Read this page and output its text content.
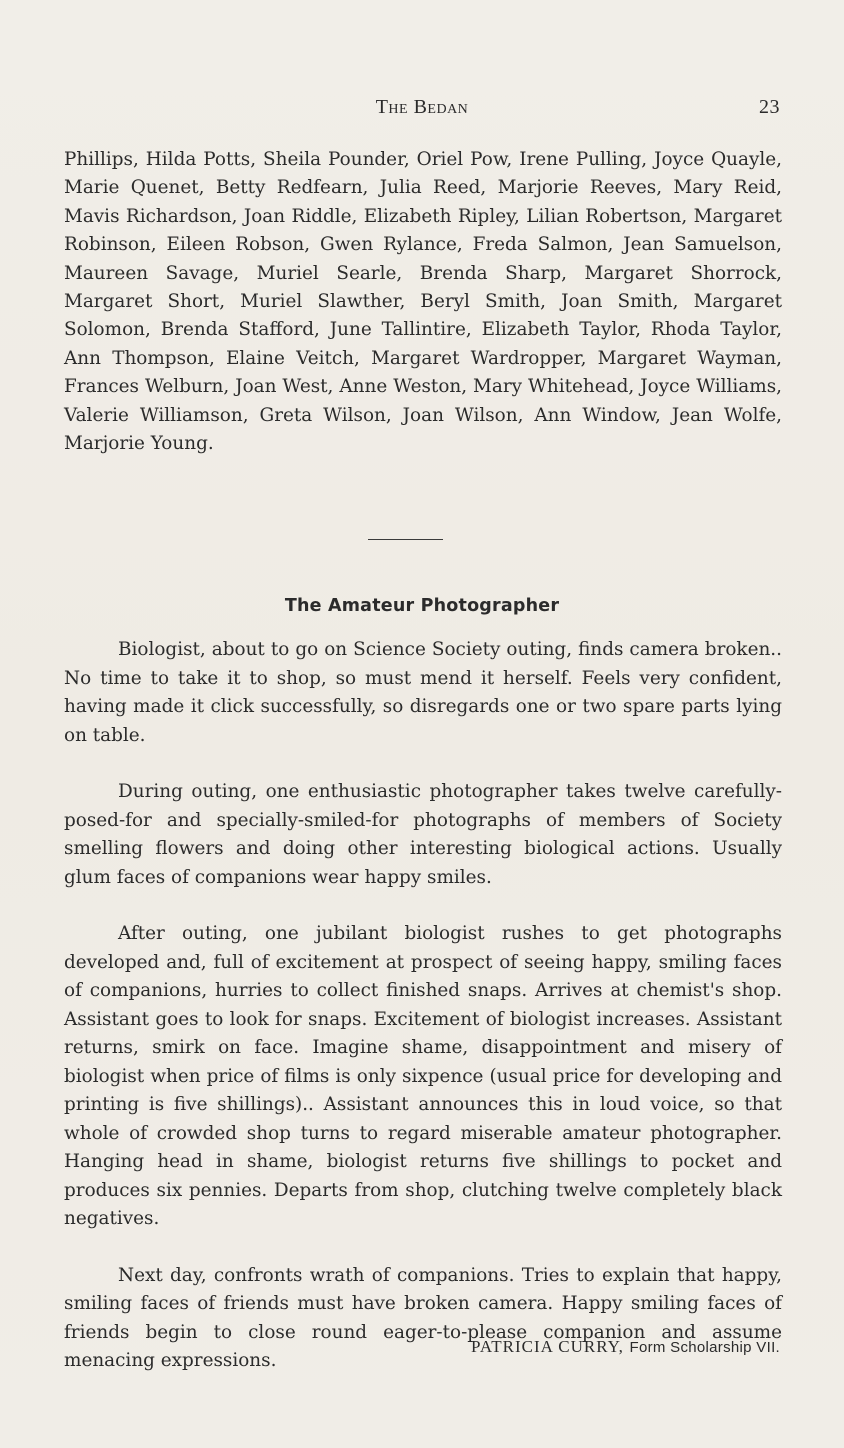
The Bedan	23
Phillips, Hilda Potts, Sheila Pounder, Oriel Pow, Irene Pulling, Joyce Quayle, Marie Quenet, Betty Redfearn, Julia Reed, Marjorie Reeves, Mary Reid, Mavis Richardson, Joan Riddle, Elizabeth Ripley, Lilian Robertson, Margaret Robinson, Eileen Robson, Gwen Rylance, Freda Salmon, Jean Samuelson, Maureen Savage, Muriel Searle, Brenda Sharp, Margaret Shorrock, Margaret Short, Muriel Slawther, Beryl Smith, Joan Smith, Margaret Solomon, Brenda Stafford, June Tallintire, Elizabeth Taylor, Rhoda Taylor, Ann Thompson, Elaine Veitch, Margaret Wardropper, Margaret Wayman, Frances Welburn, Joan West, Anne Weston, Mary Whitehead, Joyce Williams, Valerie Williamson, Greta Wilson, Joan Wilson, Ann Window, Jean Wolfe, Marjorie Young.
The Amateur Photographer

Biologist, about to go on Science Society outing, finds camera broken.. No time to take it to shop, so must mend it herself. Feels very confident, having made it click successfully, so disregards one or two spare parts lying on table.

During outing, one enthusiastic photographer takes twelve carefully-posed-for and specially-smiled-for photographs of members of Society smelling flowers and doing other interesting biological actions. Usually glum faces of companions wear happy smiles.

After outing, one jubilant biologist rushes to get photographs developed and, full of excitement at prospect of seeing happy, smiling faces of companions, hurries to collect finished snaps. Arrives at chemist's shop. Assistant goes to look for snaps. Excitement of biologist increases. Assistant returns, smirk on face. Imagine shame, disappointment and misery of biologist when price of films is only sixpence (usual price for developing and printing is five shillings).. Assistant announces this in loud voice, so that whole of crowded shop turns to regard miserable amateur photographer. Hanging head in shame, biologist returns five shillings to pocket and produces six pennies. Departs from shop, clutching twelve completely black negatives.

Next day, confronts wrath of companions. Tries to explain that happy, smiling faces of friends must have broken camera. Happy smiling faces of friends begin to close round eager-to-please companion and assume menacing expressions.

PATRICIA CURRY, Form Scholarship VII.
